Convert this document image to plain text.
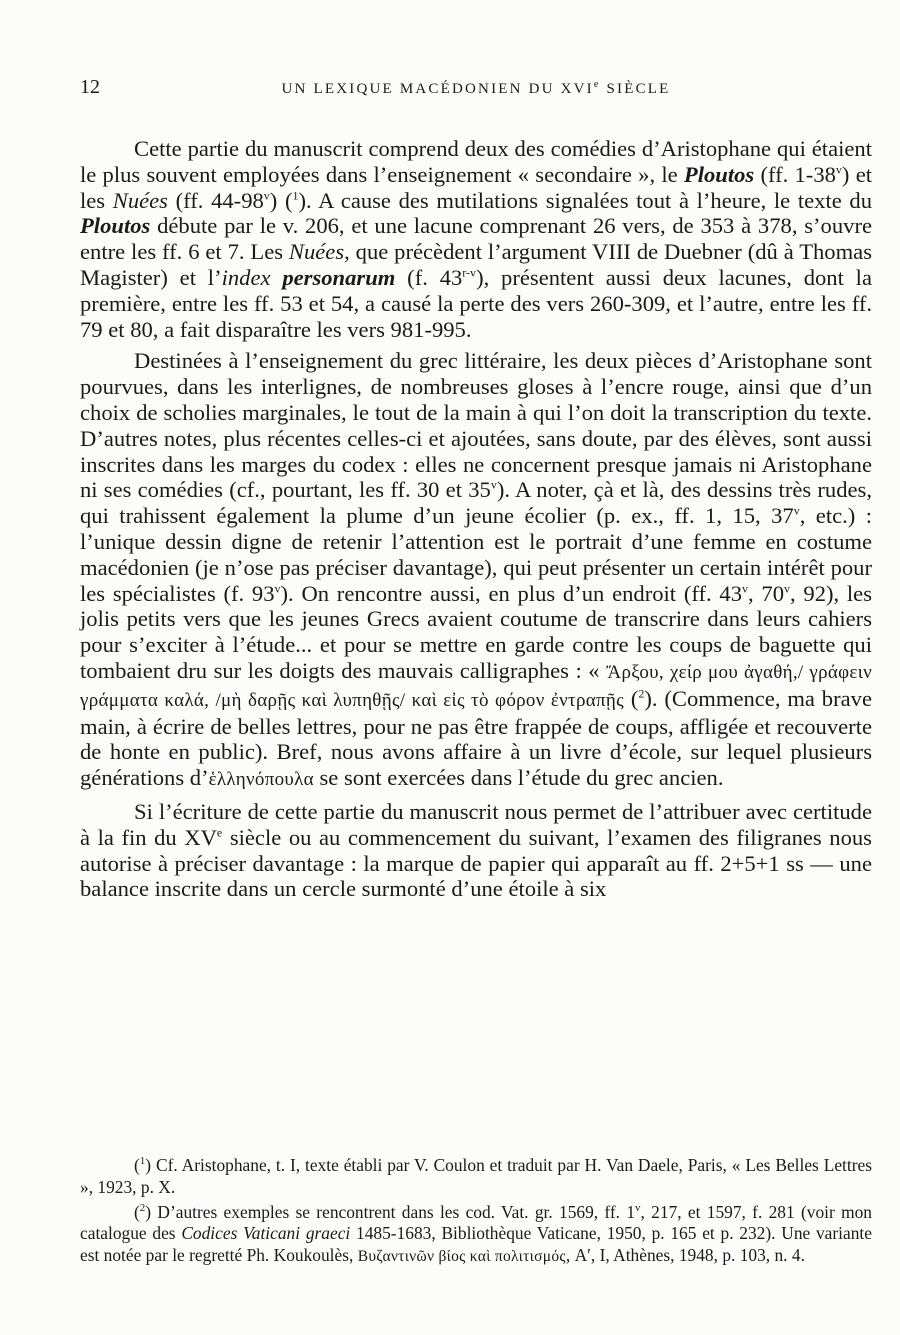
12	UN LEXIQUE MACÉDONIEN DU XVIe SIÈCLE

Cette partie du manuscrit comprend deux des comédies d’Aristophane qui étaient le plus souvent employées dans l’enseignement « secondaire », le Ploutos (ff. 1-38$^v$) et les Nuées (ff. 44-98$^v$) ($^1$). A cause des mutilations signalées tout à l’heure, le texte du Ploutos débute par le v. 206, et une lacune comprenant 26 vers, de 353 à 378, s’ouvre entre les ff. 6 et 7. Les Nuées, que précèdent l’argument VIII de Duebner (dû à Thomas Magister) et l’index personarum (f. 43$^{r-v}$), présentent aussi deux lacunes, dont la première, entre les ff. 53 et 54, a causé la perte des vers 260-309, et l’autre, entre les ff. 79 et 80, a fait disparaître les vers 981-995.

Destinées à l’enseignement du grec littéraire, les deux pièces d’Aristophane sont pourvues, dans les interlignes, de nombreuses gloses à l’encre rouge, ainsi que d’un choix de scholies marginales, le tout de la main à qui l’on doit la transcription du texte. D’autres notes, plus récentes celles-ci et ajoutées, sans doute, par des élèves, sont aussi inscrites dans les marges du codex : elles ne concernent presque jamais ni Aristophane ni ses comédies (cf., pourtant, les ff. 30 et 35$^v$). A noter, çà et là, des dessins très rudes, qui trahissent également la plume d’un jeune écolier (p. ex., ff. 1, 15, 37$^v$, etc.) : l’unique dessin digne de retenir l’attention est le portrait d’une femme en costume macédonien (je n’ose pas préciser davantage), qui peut présenter un certain intérêt pour les spécialistes (f. 93$^v$). On rencontre aussi, en plus d’un endroit (ff. 43$^v$, 70$^v$, 92), les jolis petits vers que les jeunes Grecs avaient coutume de transcrire dans leurs cahiers pour s’exciter à l’étude... et pour se mettre en garde contre les coups de baguette qui tombaient dru sur les doigts des mauvais calligraphes : « Ἄρξου, χείρ μου ἀγαθή,/ γράφειν γράμματα καλά, /μὴ δαρῇς καὶ λυπηθῇς/ καὶ εἰς τὸ φόρον ἐντραπῇς ($^2$). (Commence, ma brave main, à écrire de belles lettres, pour ne pas être frappée de coups, affligée et recouverte de honte en public). Bref, nous avons affaire à un livre d’école, sur lequel plusieurs générations d’ἑλληνόπουλα se sont exercées dans l’étude du grec ancien.

Si l’écriture de cette partie du manuscrit nous permet de l’attribuer avec certitude à la fin du XVe siècle ou au commencement du suivant, l’examen des filigranes nous autorise à préciser davantage : la marque de papier qui apparaît au ff. 2+5+1 ss — une balance inscrite dans un cercle surmonté d’une étoile à six

($^1$) Cf. Aristophane, t. I, texte établi par V. Coulon et traduit par H. Van Daele, Paris, « Les Belles Lettres », 1923, p. X.

($^2$) D’autres exemples se rencontrent dans les cod. Vat. gr. 1569, ff. 1$^v$, 217, et 1597, f. 281 (voir mon catalogue des Codices Vaticani graeci 1485-1683, Bibliothèque Vaticane, 1950, p. 165 et p. 232). Une variante est notée par le regretté Ph. Koukoulès, Βυζαντινῶν βίος καὶ πολιτισμός, A′, I, Athènes, 1948, p. 103, n. 4.
